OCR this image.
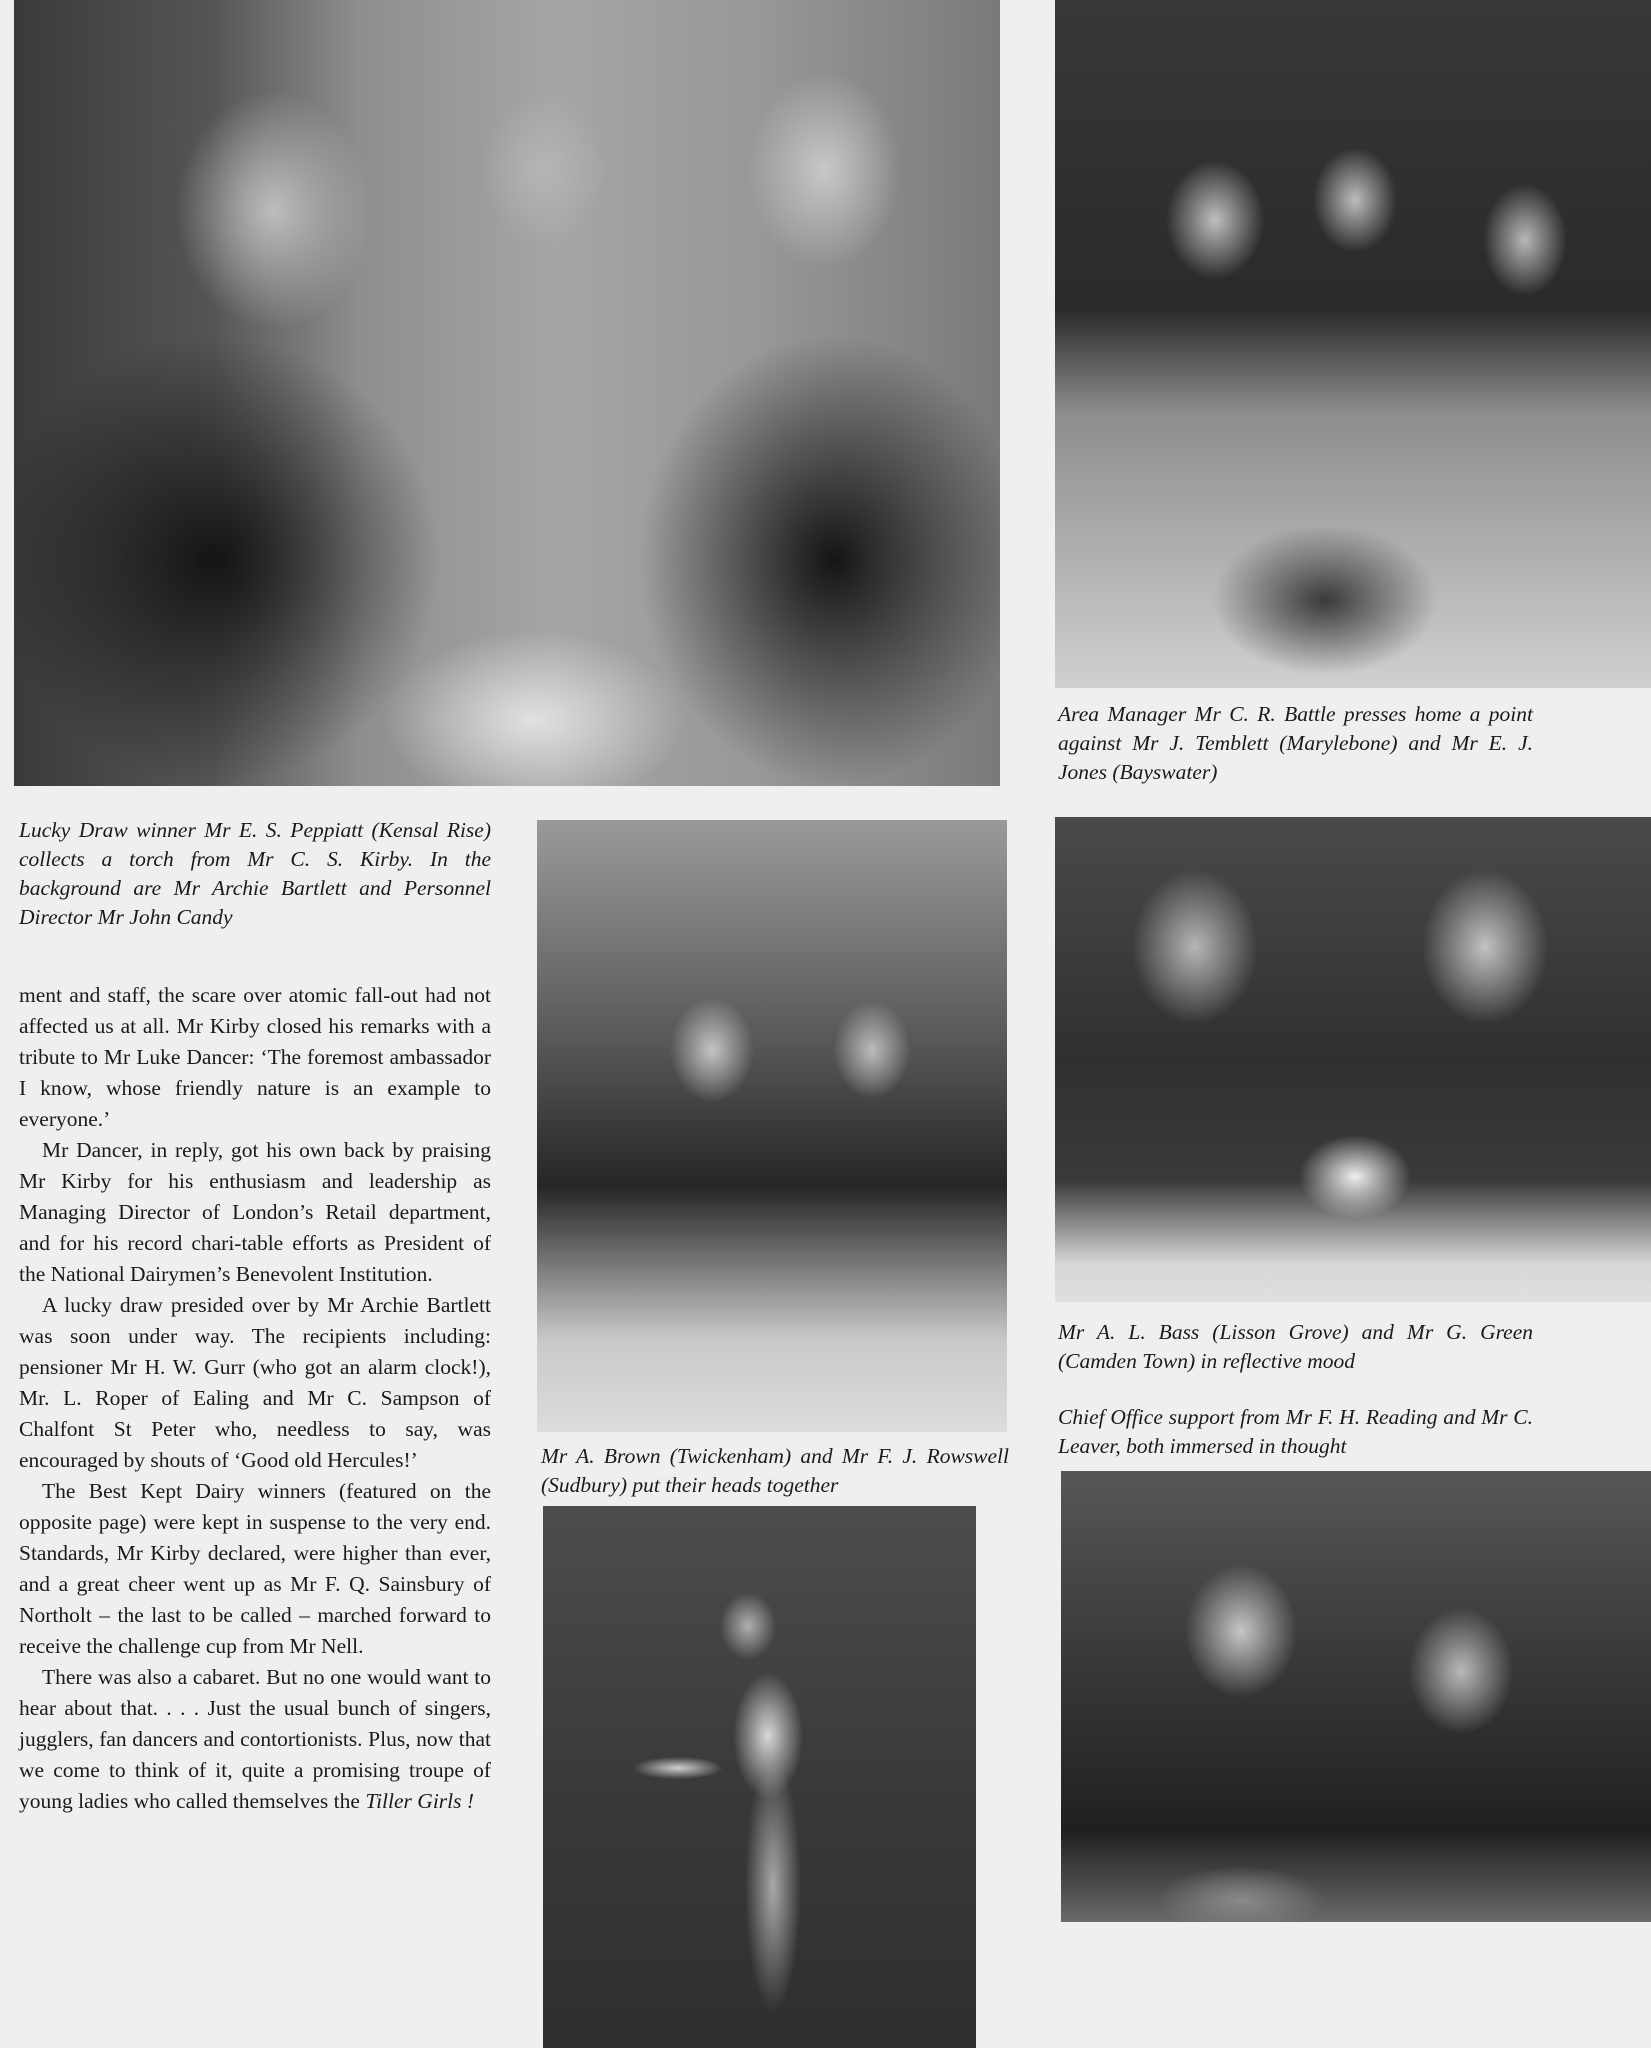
Lucky Draw winner Mr E. S. Peppiatt (Kensal Rise) collects a torch from Mr C. S. Kirby. In the background are Mr Archie Bartlett and Personnel Director Mr John Candy
Area Manager Mr C. R. Battle presses home a point against Mr J. Temblett (Marylebone) and Mr E. J. Jones (Bayswater)
Mr A. Brown (Twickenham) and Mr F. J. Rowswell (Sudbury) put their heads together
Mr A. L. Bass (Lisson Grove) and Mr G. Green (Camden Town) in reflective mood
Chief Office support from Mr F. H. Reading and Mr C. Leaver, both immersed in thought

ment and staff, the scare over atomic fall-out had not affected us at all. Mr Kirby closed his remarks with a tribute to Mr Luke Dancer: ‘The foremost ambassador I know, whose friendly nature is an example to everyone.’

Mr Dancer, in reply, got his own back by praising Mr Kirby for his enthusiasm and leadership as Managing Director of London’s Retail department, and for his record chari-table efforts as President of the National Dairymen’s Benevolent Institution.

A lucky draw presided over by Mr Archie Bartlett was soon under way. The recipients including: pensioner Mr H. W. Gurr (who got an alarm clock!), Mr. L. Roper of Ealing and Mr C. Sampson of Chalfont St Peter who, needless to say, was encouraged by shouts of ‘Good old Hercules!’

The Best Kept Dairy winners (featured on the opposite page) were kept in suspense to the very end. Standards, Mr Kirby declared, were higher than ever, and a great cheer went up as Mr F. Q. Sainsbury of Northolt – the last to be called – marched forward to receive the challenge cup from Mr Nell.

There was also a cabaret. But no one would want to hear about that. . . . Just the usual bunch of singers, jugglers, fan dancers and contortionists. Plus, now that we come to think of it, quite a promising troupe of young ladies who called themselves the Tiller Girls !
